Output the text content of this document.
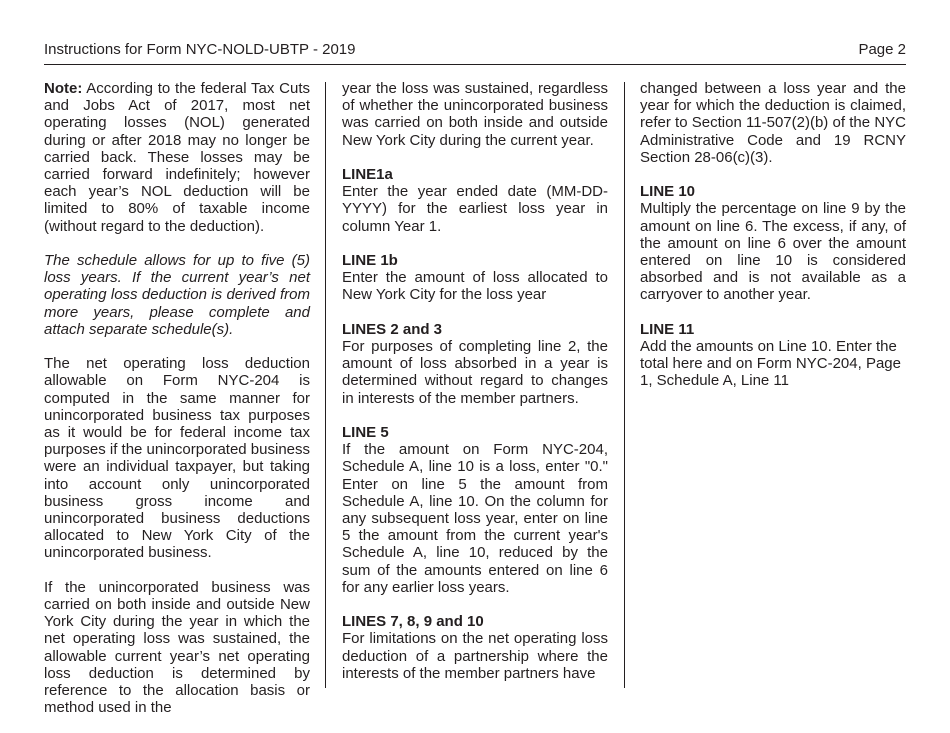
Instructions for Form NYC-NOLD-UBTP - 2019	Page 2

Note: According to the federal Tax Cuts and Jobs Act of 2017, most net operating losses (NOL) generated during or after 2018 may no longer be carried back. These losses may be carried forward indefinitely; however each year’s NOL deduction will be limited to 80% of taxable income (without regard to the deduction).

The schedule allows for up to five (5) loss years. If the current year’s net operating loss deduction is derived from more years, please complete and attach separate schedule(s).

The net operating loss deduction allowable on Form NYC-204 is computed in the same manner for unincorporated business tax purposes as it would be for federal income tax purposes if the unincorporated business were an individual taxpayer, but taking into account only unincorporated business gross income and unincorporated business deductions allocated to New York City of the unincorporated business.

If the unincorporated business was carried on both inside and outside New York City during the year in which the net operating loss was sustained, the allowable current year’s net operating loss deduction is determined by reference to the allocation basis or method used in the

year the loss was sustained, regardless of whether the unincorporated business was carried on both inside and outside New York City during the current year.

LINE1a

Enter the year ended date (MM-DD-YYYY) for the earliest loss year in column Year 1.

LINE 1b

Enter the amount of loss allocated to New York City for the loss year

LINES 2 and 3

For purposes of completing line 2, the amount of loss absorbed in a year is determined without regard to changes in interests of the member partners.

LINE 5

If the amount on Form NYC-204, Schedule A, line 10 is a loss, enter "0." Enter on line 5 the amount from Schedule A, line 10. On the column for any subsequent loss year, enter on line 5 the amount from the current year's Schedule A, line 10, reduced by the sum of the amounts entered on line 6 for any earlier loss years.

LINES 7, 8, 9 and 10

For limitations on the net operating loss deduction of a partnership where the interests of the member partners have

changed between a loss year and the year for which the deduction is claimed, refer to Section 11-507(2)(b) of the NYC Administrative Code and 19 RCNY Section 28-06(c)(3).

LINE 10

Multiply the percentage on line 9 by the amount on line 6. The excess, if any, of the amount on line 6 over the amount entered on line 10 is considered absorbed and is not available as a carryover to another year.

LINE 11

Add the amounts on Line 10. Enter the total here and on Form NYC-204, Page 1, Schedule A, Line 11
